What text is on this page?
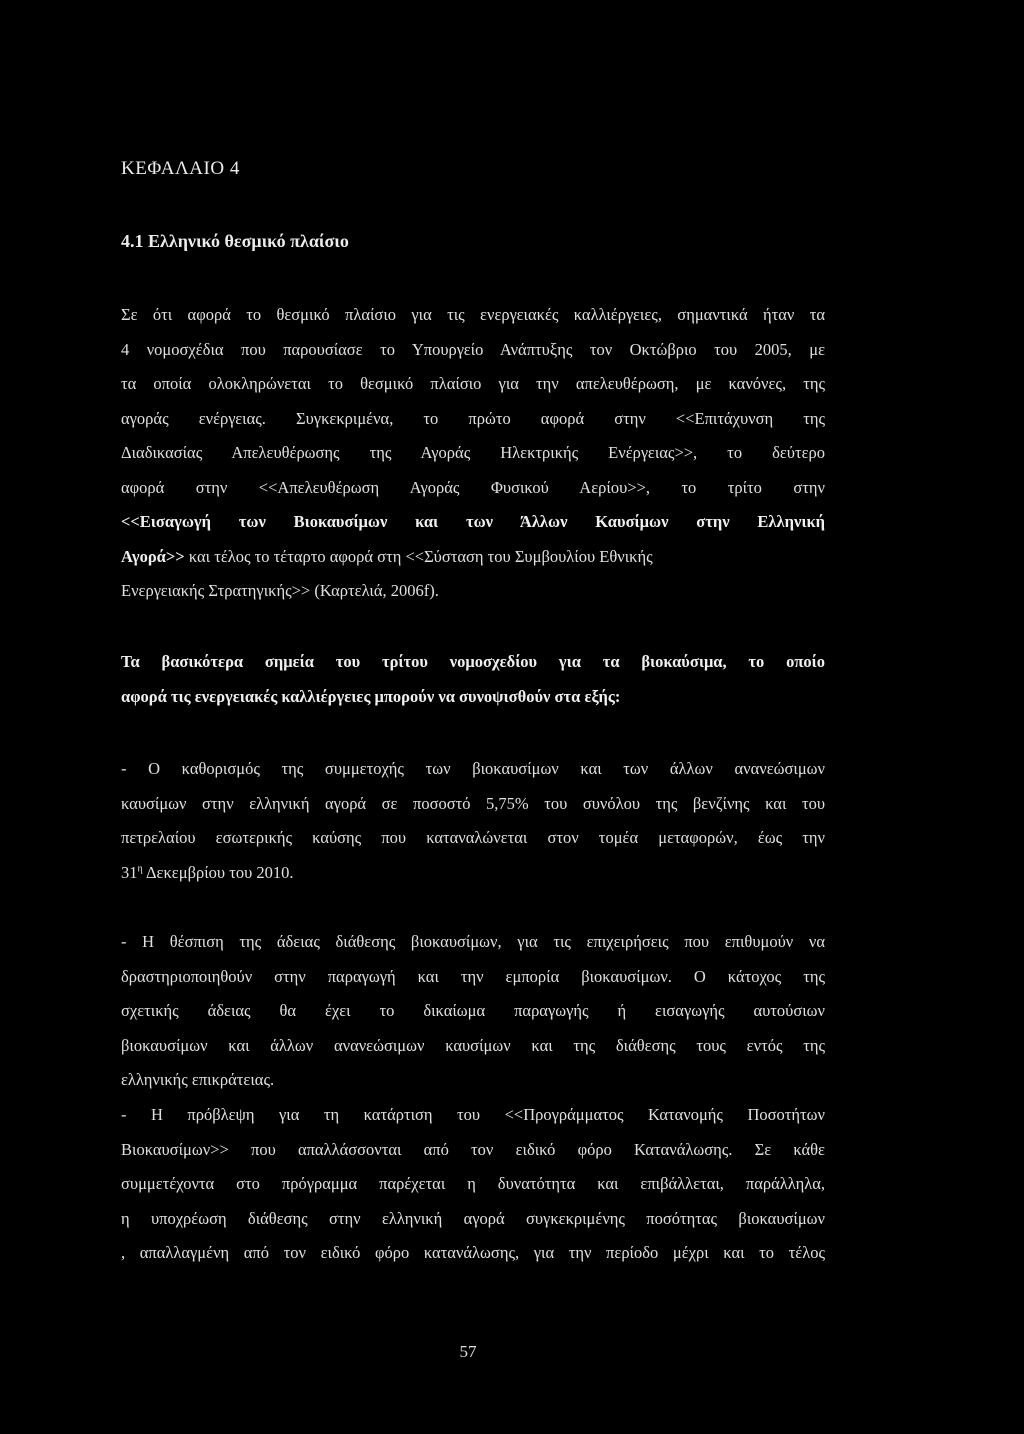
ΚΕΦΑΛΑΙΟ 4
4.1 Ελληνικό θεσμικό πλαίσιο
Σε ότι αφορά το θεσμικό πλαίσιο για τις ενεργειακές καλλιέργειες, σημαντικά ήταν τα
4 νομοσχέδια που παρουσίασε το Υπουργείο Ανάπτυξης τον Οκτώβριο του 2005, με
τα οποία ολοκληρώνεται το θεσμικό πλαίσιο για την απελευθέρωση, με κανόνες, της
αγοράς ενέργειας. Συγκεκριμένα, το πρώτο αφορά στην <<Επιτάχυνση της
Διαδικασίας Απελευθέρωσης της Αγοράς Ηλεκτρικής Ενέργειας>>, το δεύτερο
αφορά στην <<Απελευθέρωση Αγοράς Φυσικού Αερίου>>, το τρίτο στην
<<Εισαγωγή των Βιοκαυσίμων και των Άλλων Καυσίμων στην Ελληνική
Αγορά>> και τέλος το τέταρτο αφορά στη <<Σύσταση του Συμβουλίου Εθνικής
Ενεργειακής Στρατηγικής>> (Καρτελιά, 2006f).
Τα βασικότερα σημεία του τρίτου νομοσχεδίου για τα βιοκαύσιμα, το οποίο
αφορά τις ενεργειακές καλλιέργειες μπορούν να συνοψισθούν στα εξής:
- Ο καθορισμός της συμμετοχής των βιοκαυσίμων και των άλλων ανανεώσιμων
καυσίμων στην ελληνική αγορά σε ποσοστό 5,75% του συνόλου της βενζίνης και του
πετρελαίου εσωτερικής καύσης που καταναλώνεται στον τομέα μεταφορών, έως την
$31^\eta$ Δεκεμβρίου του 2010.
- Η θέσπιση της άδειας διάθεσης βιοκαυσίμων, για τις επιχειρήσεις που επιθυμούν να
δραστηριοποιηθούν στην παραγωγή και την εμπορία βιοκαυσίμων. Ο κάτοχος της
σχετικής άδειας θα έχει το δικαίωμα παραγωγής ή εισαγωγής αυτούσιων
βιοκαυσίμων και άλλων ανανεώσιμων καυσίμων και της διάθεσης τους εντός της
ελληνικής επικράτειας.
- Η πρόβλεψη για τη κατάρτιση του <<Προγράμματος Κατανομής Ποσοτήτων
Βιοκαυσίμων>> που απαλλάσσονται από τον ειδικό φόρο Κατανάλωσης. Σε κάθε
συμμετέχοντα στο πρόγραμμα παρέχεται η δυνατότητα και επιβάλλεται, παράλληλα,
η υποχρέωση διάθεσης στην ελληνική αγορά συγκεκριμένης ποσότητας βιοκαυσίμων
, απαλλαγμένη από τον ειδικό φόρο κατανάλωσης, για την περίοδο μέχρι και το τέλος
57
